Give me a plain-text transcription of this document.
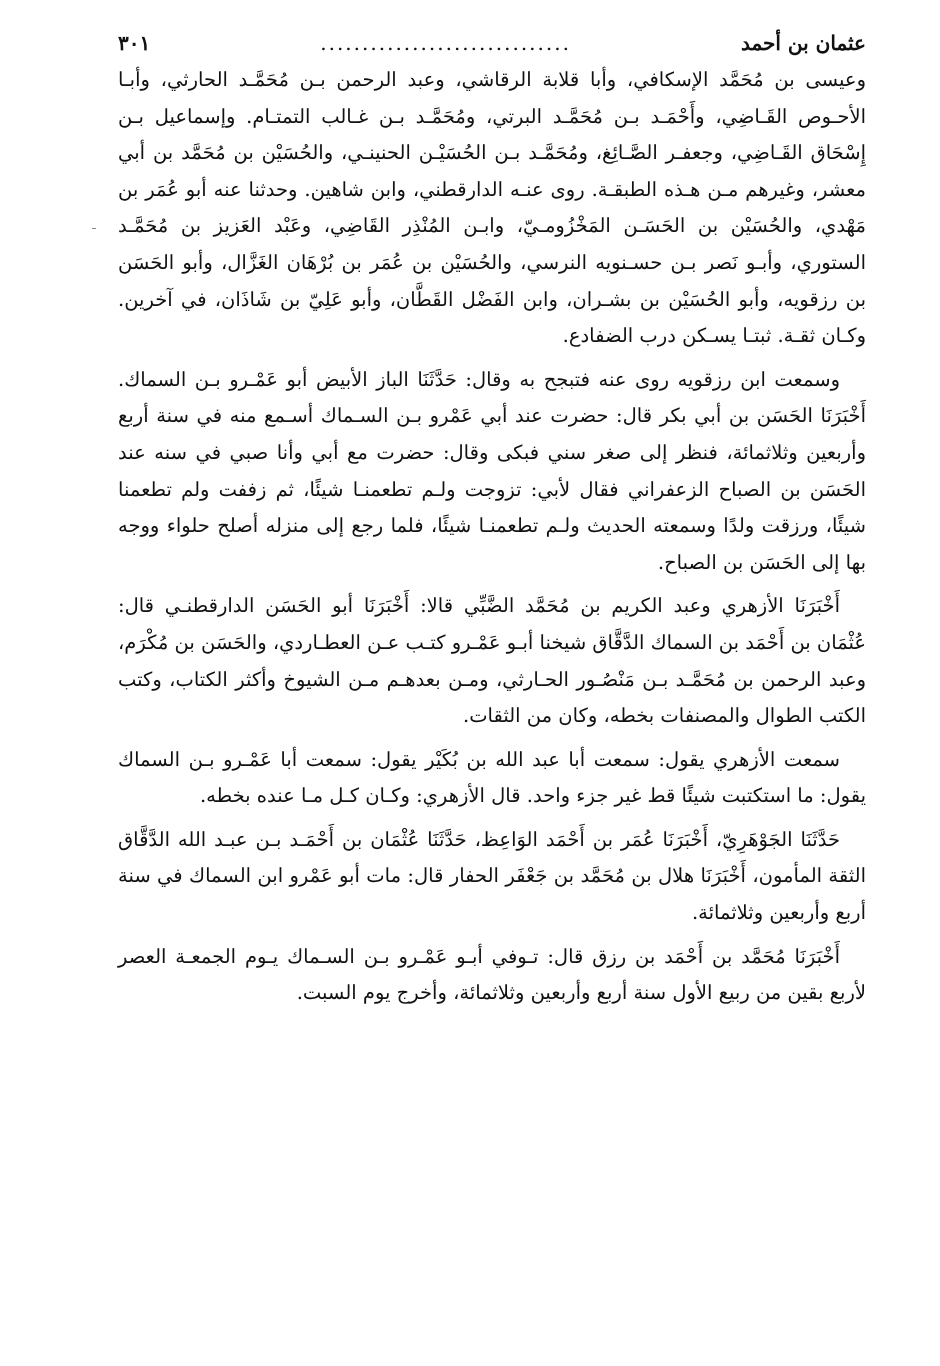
عثمان بن أحمد
..............................
٣٠١

وعيسى بن مُحَمَّد الإسكافي، وأبا قلابة الرقاشي، وعبد الرحمن بـن مُحَمَّـد الحارثي، وأبـا الأحـوص القَـاضِي، وأَحْمَـد بـن مُحَمَّـد البرتي، ومُحَمَّـد بـن غـالب التمتـام. وإسماعيل بـن إِسْحَاق القَـاضِي، وجعفـر الصَّـائِغ، ومُحَمَّـد بـن الحُسَيْـن الحنينـي، والحُسَيْن بن مُحَمَّد بن أبي معشر، وغيرهم مـن هـذه الطبقـة. روى عنـه الدارقطني، وابن شاهين. وحدثنا عنه أبو عُمَر بن مَهْدي، والحُسَيْن بن الحَسَـن المَخْزُومـيّ، وابـن المُنْذِر القَاضِي، وعَبْد العَزيز بن مُحَمَّـد الستوري، وأبـو نَصر بـن حسـنويه النرسي، والحُسَيْن بن عُمَر بن بُرْهَان الغَزَّال، وأبو الحَسَن بن رزقويه، وأبو الحُسَيْن بن بشـران، وابن الفَضْل القَطَّان، وأبو عَلِيّ بن شَاذَان، في آخرين. وكـان ثقـة. ثبتـا يسـكن درب الضفادع.

وسمعت ابن رزقويه روى عنه فتبجح به وقال: حَدَّثَنَا الباز الأبيض أبو عَمْـرو بـن السماك. أَخْبَرَنَا الحَسَن بن أبي بكر قال: حضرت عند أبي عَمْرو بـن السـماك أسـمع منه في سنة أربع وأربعين وثلاثمائة، فنظر إلى صغر سني فبكى وقال: حضرت مع أبي وأنا صبي في سنه عند الحَسَن بن الصباح الزعفراني فقال لأبي: تزوجت ولـم تطعمنـا شيئًا، ثم زففت ولم تطعمنا شيئًا، ورزقت ولدًا وسمعته الحديث ولـم تطعمنـا شيئًا، فلما رجع إلى منزله أصلح حلواء ووجه بها إلى الحَسَن بن الصباح.

أَخْبَرَنَا الأزهري وعبد الكريم بن مُحَمَّد الضَّبِّي قالا: أَخْبَرَنَا أبو الحَسَن الدارقطنـي قال: عُثْمَان بن أَحْمَد بن السماك الدَّقَّاق شيخنا أبـو عَمْـرو كتـب عـن العطـاردي، والحَسَن بن مُكْرَم، وعبد الرحمن بن مُحَمَّـد بـن مَنْصُـور الحـارثي، ومـن بعدهـم مـن الشيوخ وأكثر الكتاب، وكتب الكتب الطوال والمصنفات بخطه، وكان من الثقات.

سمعت الأزهري يقول: سمعت أبا عبد الله بن بُكَيْر يقول: سمعت أبا عَمْـرو بـن السماك يقول: ما استكتبت شيئًا قط غير جزء واحد. قال الأزهري: وكـان كـل مـا عنده بخطه.

حَدَّثَنَا الجَوْهَرِيّ، أَخْبَرَنَا عُمَر بن أَحْمَد الوَاعِظ، حَدَّثَنَا عُثْمَان بن أَحْمَـد بـن عبـد الله الدَّقَّاق الثقة المأمون، أَخْبَرَنَا هلال بن مُحَمَّد بن جَعْفَر الحفار قال: مات أبو عَمْرو ابن السماك في سنة أربع وأربعين وثلاثمائة.

أَخْبَرَنَا مُحَمَّد بن أَحْمَد بن رزق قال: تـوفي أبـو عَمْـرو بـن السـماك يـوم الجمعـة العصر لأربع بقين من ربيع الأول سنة أربع وأربعين وثلاثمائة، وأخرج يوم السبت.
